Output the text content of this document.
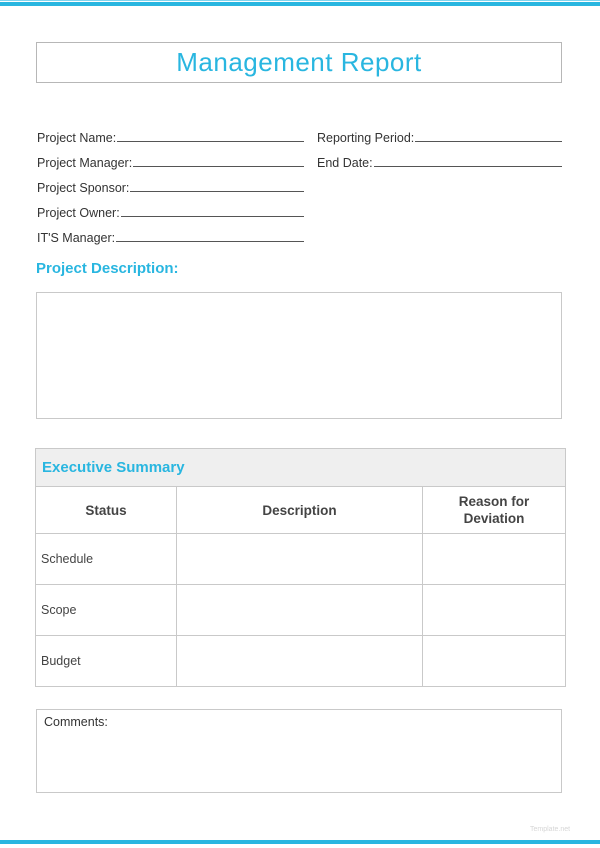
Management Report
Project Name:
Project Manager:
Project Sponsor:
Project Owner:
IT'S Manager:
Reporting Period:
End Date:
Project Description:
Executive Summary		
Status	Description	Reason for Deviation
Schedule		
Scope		
Budget		
Comments:
Template.net
